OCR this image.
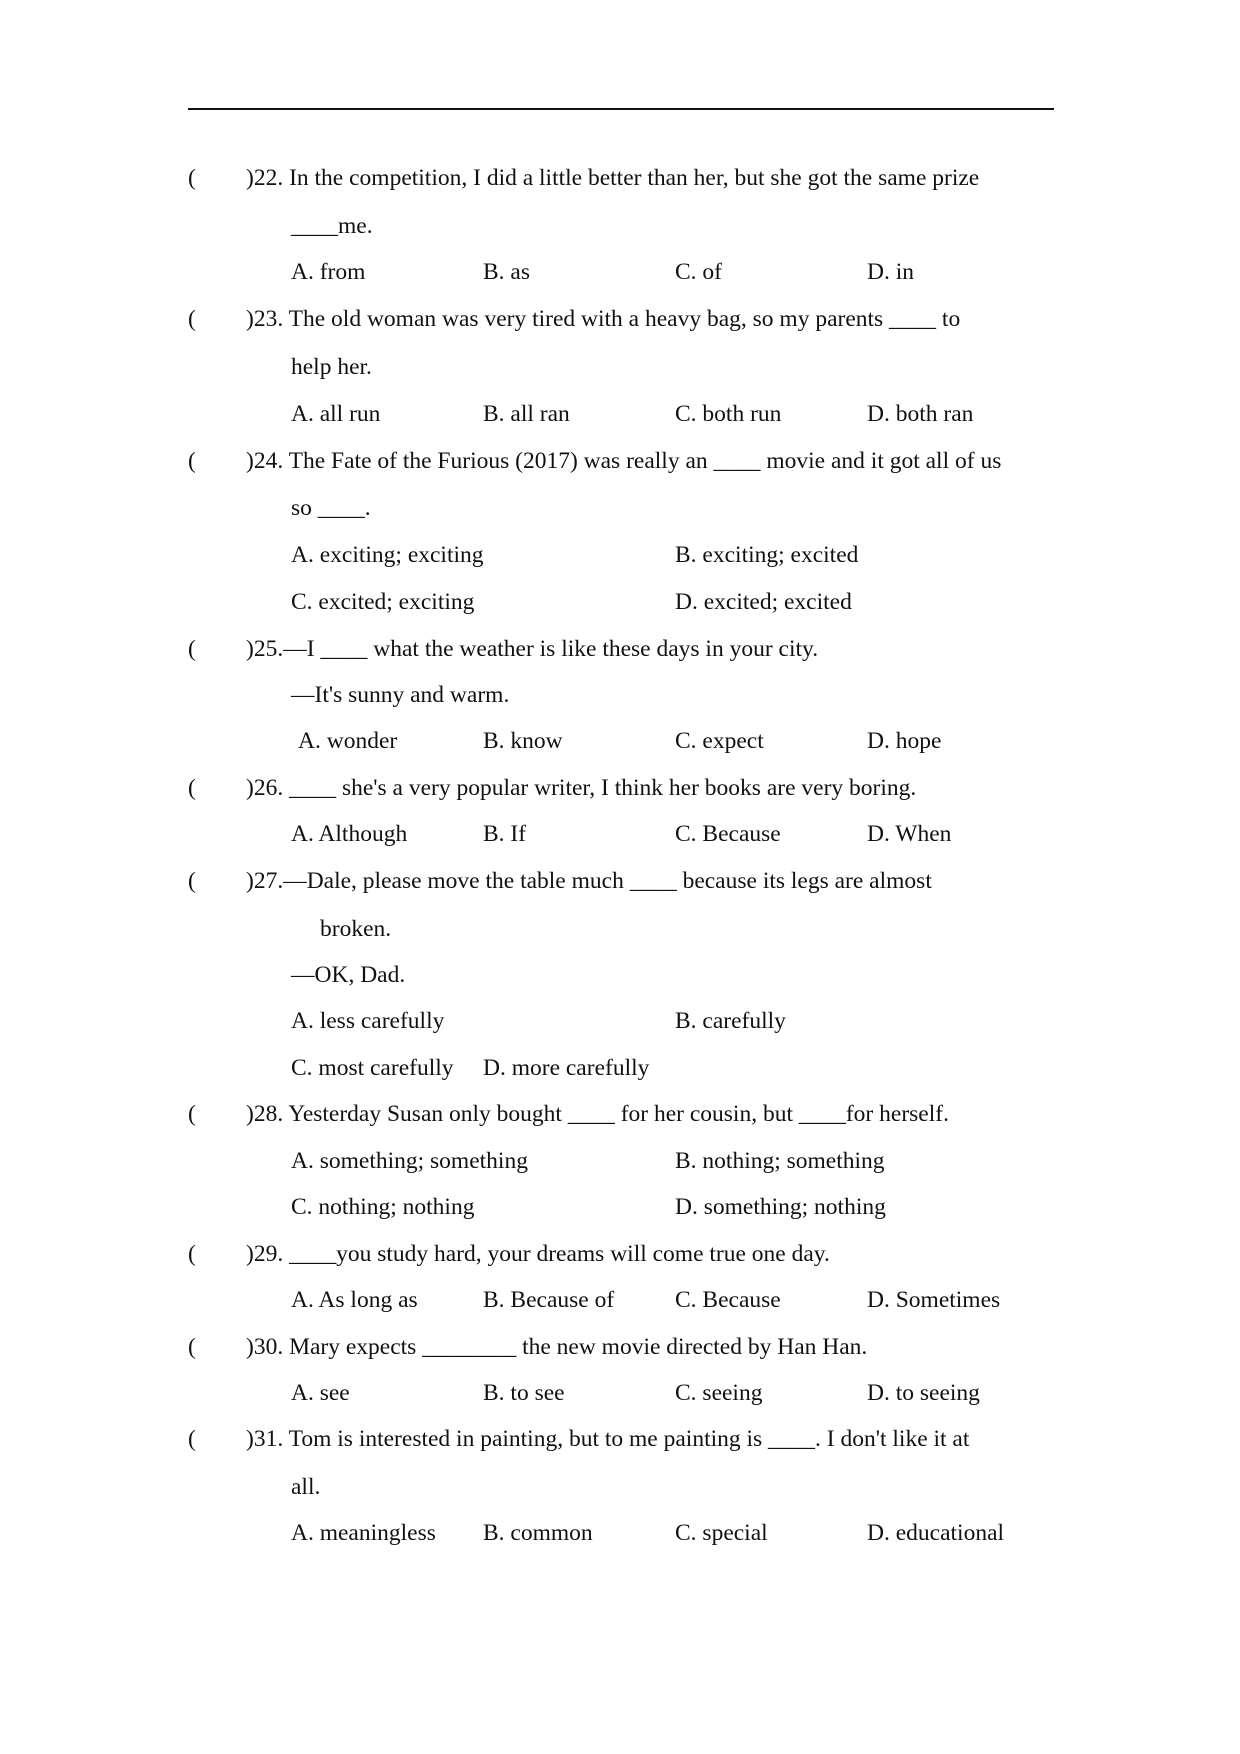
( )22. In the competition, I did a little better than her, but she got the same prize
____me.
A. from	B. as	C. of	D. in
( )23. The old woman was very tired with a heavy bag, so my parents ____ to
help her.
A. all run	B. all ran	C. both run	D. both ran
( )24. The Fate of the Furious (2017) was really an ____ movie and it got all of us
so ____.
A. exciting; exciting	B. exciting; excited
C. excited; exciting	D. excited; excited
( )25.—I ____ what the weather is like these days in your city.
—It's sunny and warm.
A. wonder	B. know	C. expect	D. hope
( )26. ____ she's a very popular writer, I think her books are very boring.
A. Although	B. If	C. Because	D. When
( )27.—Dale, please move the table much ____ because its legs are almost
broken.
—OK, Dad.
A. less carefully	B. carefully
C. most carefully D. more carefully
( )28. Yesterday Susan only bought ____ for her cousin, but ____for herself.
A. something; something	B. nothing; something
C. nothing; nothing	D. something; nothing
( )29. ____you study hard, your dreams will come true one day.
A. As long as	B. Because of	C. Because	D. Sometimes
( )30. Mary expects ________ the new movie directed by Han Han.
A. see	B. to see	C. seeing	D. to seeing
( )31. Tom is interested in painting, but to me painting is ____. I don't like it at
all.
A. meaningless B. common	C. special	D. educational
